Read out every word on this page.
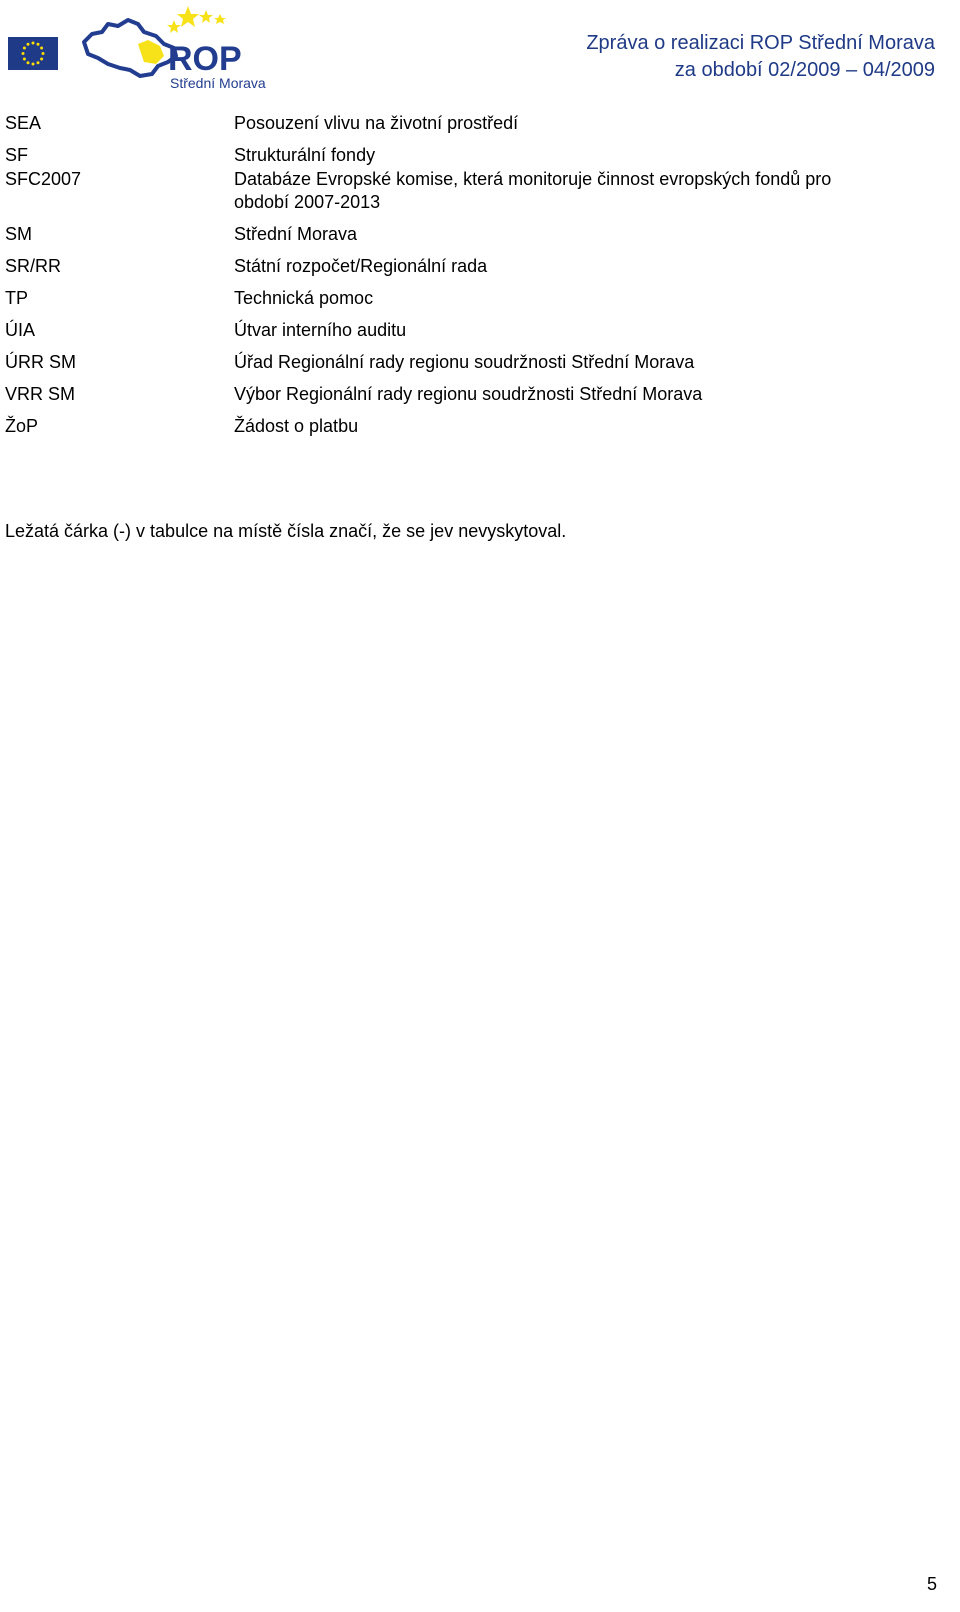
ROP
Střední Morava
Zpráva o realizaci ROP Střední Morava
za období 02/2009 – 04/2009
SEA	Posouzení vlivu na životní prostředí
SF	Strukturální fondy
SFC2007	Databáze Evropské komise, která monitoruje činnost evropských fondů pro období 2007-2013
SM	Střední Morava
SR/RR	Státní rozpočet/Regionální rada
TP	Technická pomoc
ÚIA	Útvar interního auditu
ÚRR SM	Úřad Regionální rady regionu soudržnosti Střední Morava
VRR SM	Výbor Regionální rady regionu soudržnosti Střední Morava
ŽoP	Žádost o platbu
Ležatá čárka (-) v tabulce na místě čísla značí, že se jev nevyskytoval.
5
